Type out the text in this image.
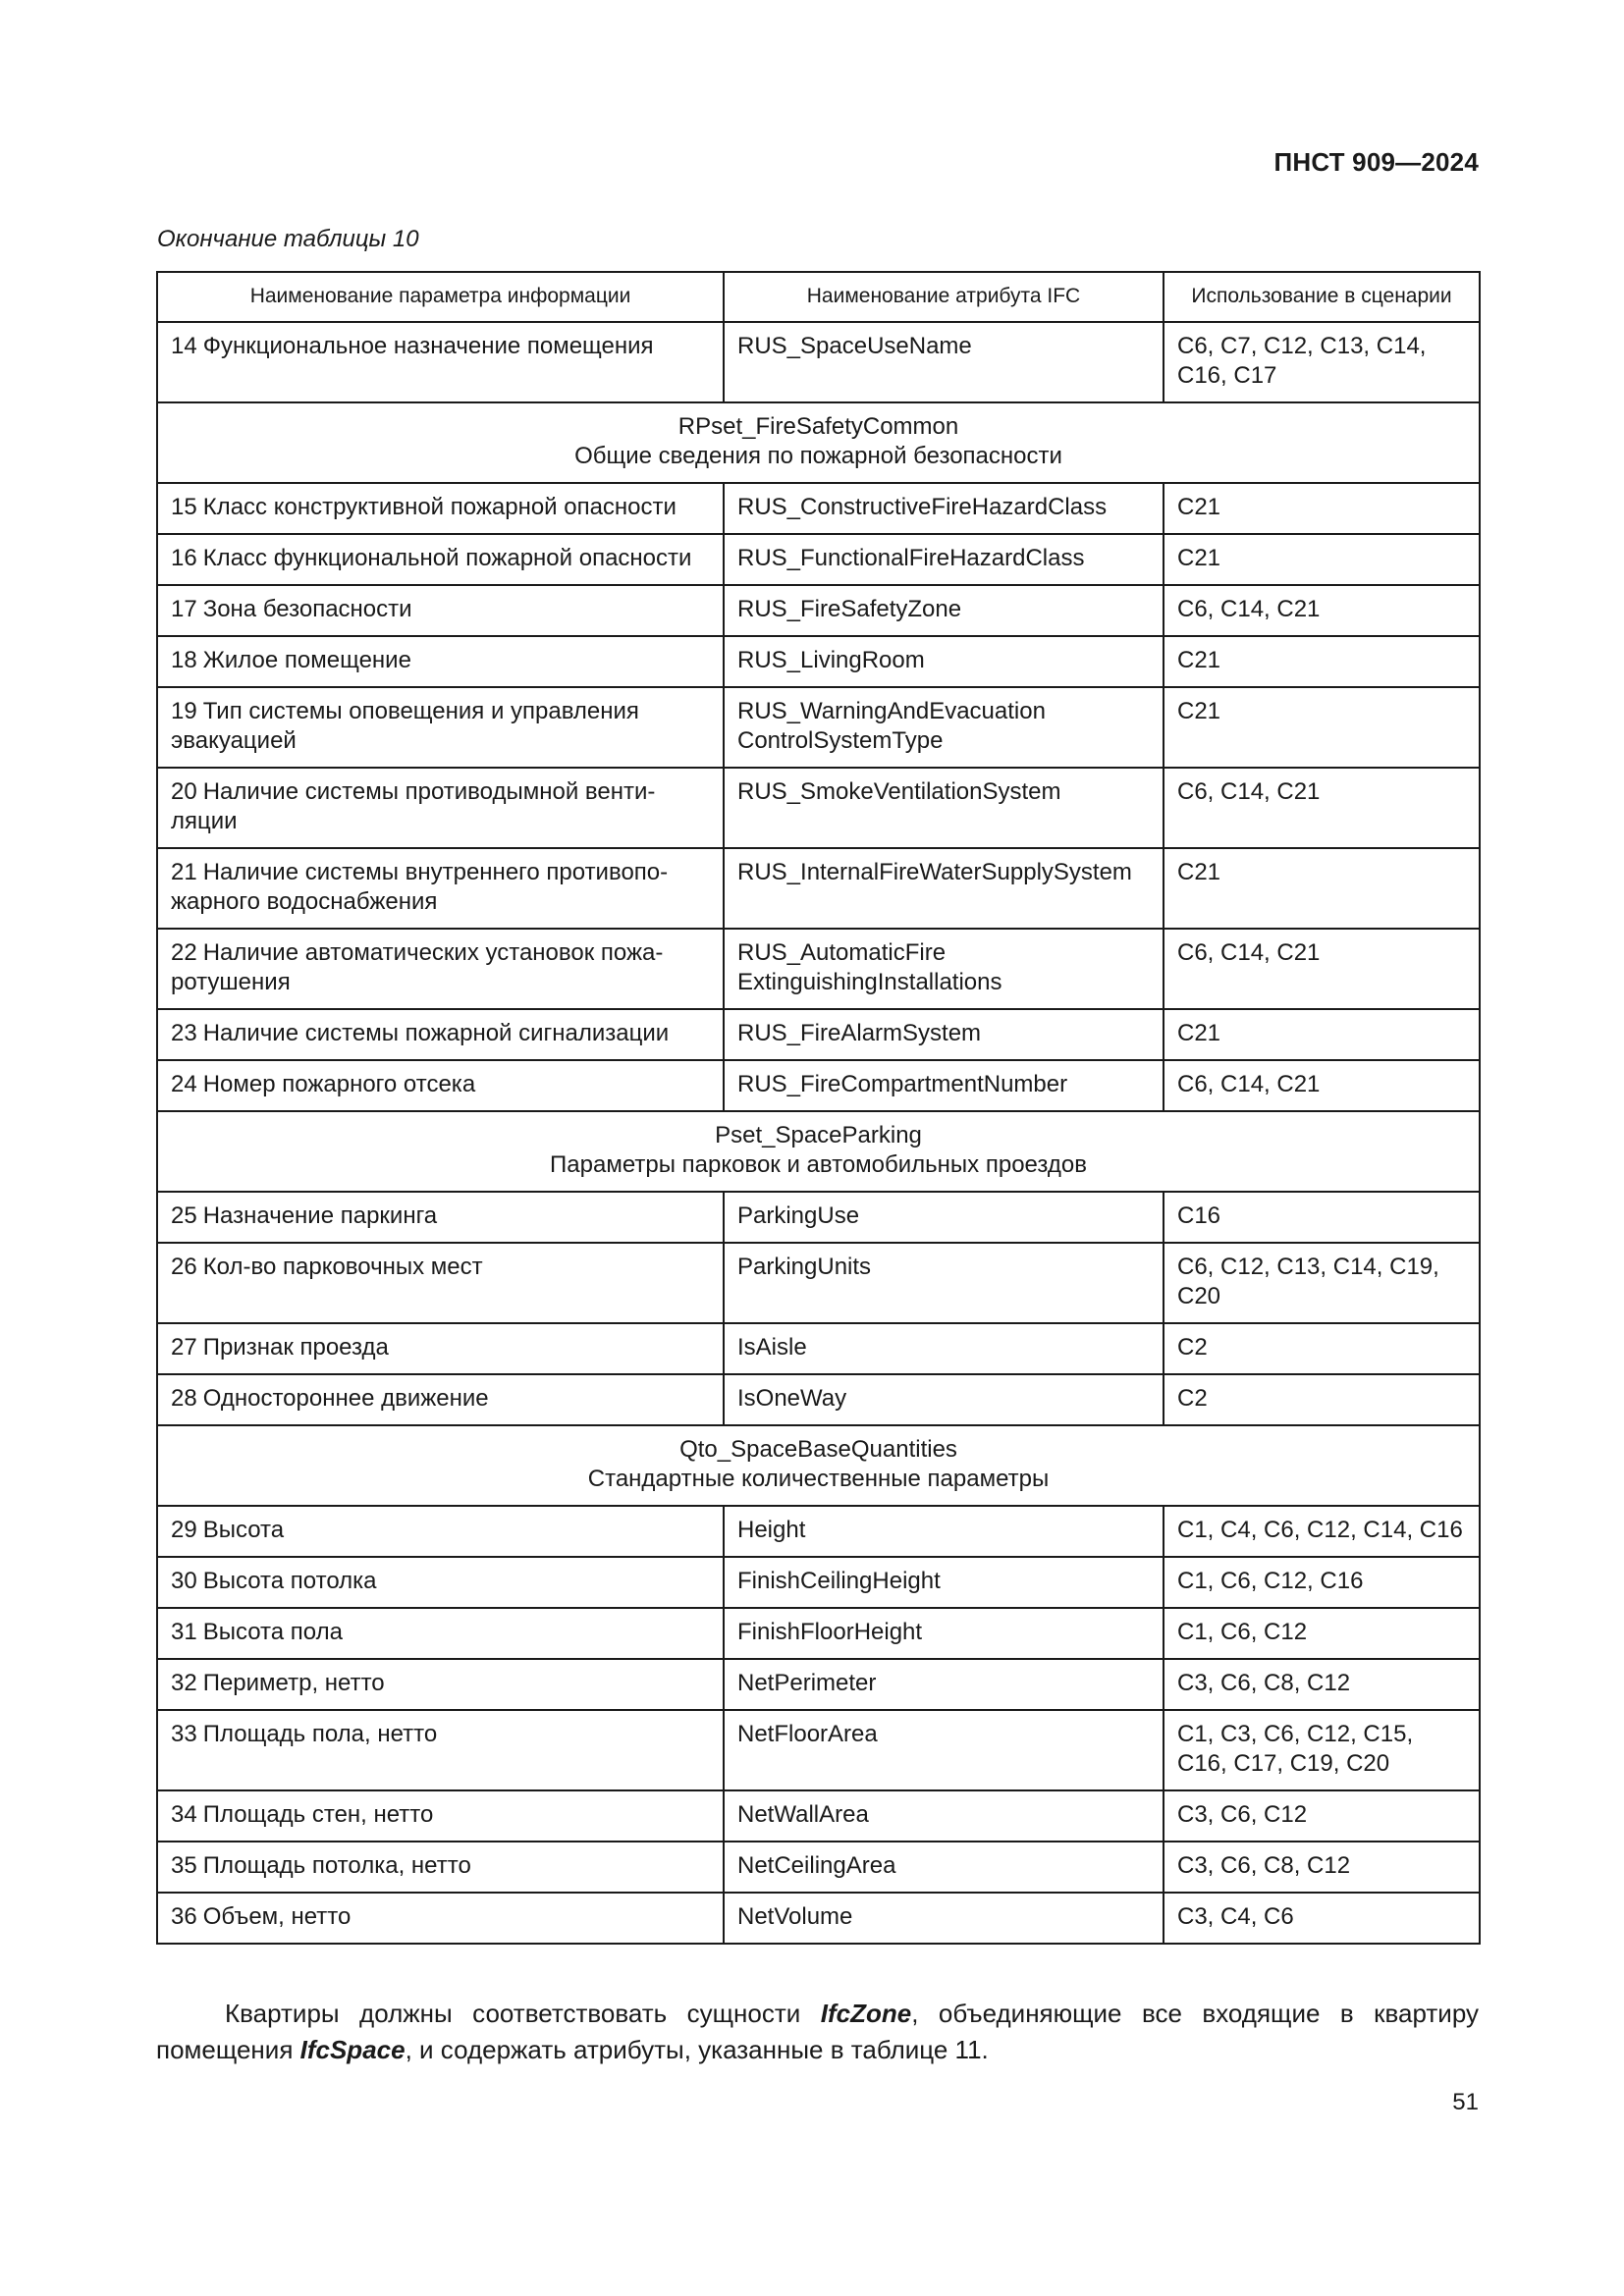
ПНСТ 909—2024
Окончание таблицы 10
Наименование параметра информации	Наименование атрибута IFC	Использование в сценарии
14 Функциональное назначение помещения	RUS_SpaceUseName	С6, С7, С12, С13, С14, С16, С17

RPset_FireSafetyCommon
Общие сведения по пожарной безопасности		

15 Класс конструктивной пожарной опасности	RUS_ConstructiveFireHazardClass	С21
16 Класс функциональной пожарной опасности	RUS_FunctionalFireHazardClass	С21
17 Зона безопасности	RUS_FireSafetyZone	С6, С14, С21
18 Жилое помещение	RUS_LivingRoom	С21
19 Тип системы оповещения и управления эвакуацией	RUS_WarningAndEvacuation ControlSystemType	С21
20 Наличие системы противодымной вентиляции	RUS_SmokeVentilationSystem	С6, С14, С21
21 Наличие системы внутреннего противопожарного водоснабжения	RUS_InternalFireWaterSupplySystem	С21
22 Наличие автоматических установок пожаротушения	RUS_AutomaticFire ExtinguishingInstallations	С6, С14, С21
23 Наличие системы пожарной сигнализации	RUS_FireAlarmSystem	С21
24 Номер пожарного отсека	RUS_FireCompartmentNumber	С6, С14, С21

Pset_SpaceParking
Параметры парковок и автомобильных проездов		

25 Назначение паркинга	ParkingUse	С16
26 Кол-во парковочных мест	ParkingUnits	С6, С12, С13, С14, С19, С20
27 Признак проезда	IsAisle	С2
28 Одностороннее движение	IsOneWay	С2

Qto_SpaceBaseQuantities
Стандартные количественные параметры		

29 Высота	Height	С1, С4, С6, С12, С14, С16
30 Высота потолка	FinishCeilingHeight	С1, С6, С12, С16
31 Высота пола	FinishFloorHeight	С1, С6, С12
32 Периметр, нетто	NetPerimeter	С3, С6, С8, С12
33 Площадь пола, нетто	NetFloorArea	С1, С3, С6, С12, С15, С16, С17, С19, С20
34 Площадь стен, нетто	NetWallArea	С3, С6, С12
35 Площадь потолка, нетто	NetCeilingArea	С3, С6, С8, С12
36 Объем, нетто	NetVolume	С3, С4, С6
Квартиры должны соответствовать сущности IfcZone, объединяющие все входящие в квартиру помещения IfcSpace, и содержать атрибуты, указанные в таблице 11.
51
